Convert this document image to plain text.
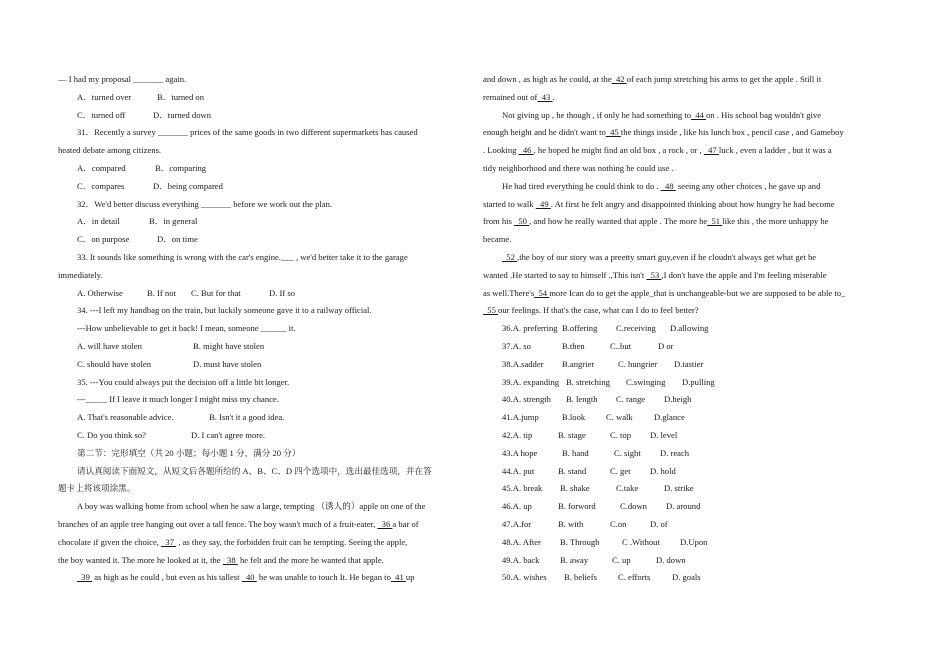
— I had my proposal _______ again.
A．turned over	B．turned on
C．turned off	D．turned down
31．Recently a survey _______ prices of the same goods in two different supermarkets has caused
heated debate among citizens.
A．compared	B．comparing
C．compares	D．being compared
32．We'd better discuss everything _______ before we work out the plan.
A．in detail	B．in general
C．on purpose	D．on time
33. It sounds like something is wrong with the car's engine.___ , we'd better take it to the garage
immediately.
A. Otherwise	B. If not C. But for that	D. If so
34. ---I left my handbag on the train, but luckily someone gave it to a railway official.
---How unbelievable to get it back! I mean, someone ______ it.
A. will have stolen	B. might have stolen
C. should have stolen	D. must have stolen
35. ---You could always put the decision off a little bit longer.
---_____ If I leave it much longer I might miss my chance.
A. That's reasonable advice.	B. Isn't it a good idea.
C. Do you think so?	D. I can't agree more.
第二节：完形填空（共 20 小题；每小题 1 分，满分 20 分）
请认真阅读下面短文，从短文后各题所给的 A、B、C、D 四个选项中，选出最佳选项，并在答
题卡上将该项涂黑。
A boy was walking home from school when he saw a large, tempting （诱人的）apple on one of the
branches of an apple tree hanging out over a tall fence. The boy wasn't much of a fruit-eater,   36 a bar of
chocolate if given the choice,   37  , as they say, the forbidden fruit can be tempting. Seeing the apple,
the boy wanted it. The more he looked at it, the   38  he felt and the more he wanted that apple.
39  as high as he could , but even as his tallest   40  he was unable to touch It. He began to  41 up
and down , as high as he could, at the  42 of each jump stretching his arms to get the apple . Still it
remained out of  43 .
Not giving up , he though , if only he had something to  44 on . His school bag wouldn't give
enough height and he didn't want to  45 the things inside , like his lunch box , pencil case , and Gameboy
. Looking   46 , he hoped he might find an old box , a rock , or ,   47 luck , even a ladder , but it was a
tidy neighborhood and there was nothing he could use .
He had tired everything he could think to do .   48  seeing any other choices , he gave up and
started to walk   49 . At first he felt angry and disappointed thinking about how hungry he had become
from his   50 , and how he really wanted that apple . The more he  51 like this , the more unhappy he
became.
52 ,the boy of our story was a preetty smart guy,even if he cloudn't always get what get he
wanted .He started to say to himself .,This isn't   53 ,I don't have the apple and I'm feeling miserable
as well.There's  54 more Ican do to get the apple_that is unchangeable-but we are supposed to be able to_
55 our feelings. If that's the case, what can I do to feel better?
36.A. preferring B.offering C.receiving D.allowing
37.A. so	B.then	C..but	D or
38.A.sadder B.angrier	C. hungrier D.tastier
39.A. expanding B. stretching C.swinging D.pulling
40.A. strength B. length C. range D.heigh
41.A.jump	B.look C. walk D.glance
42.A. tip	B. stage	C. top D. level
43.A hope	B. hand	C. sight D. reach
44.A. put	B. stand	C. get D. hold
45.A. break B. shake	C.take	D. strike
46.A. up	B. forword	C.down D. around
47.A.for	B. with	C.on	D. of
48.A. After B. Through	C .Without D.Upon
49.A. back B. away	C. up	D. down
50.A. wishes B. beliefs C. efforts	D. goals
